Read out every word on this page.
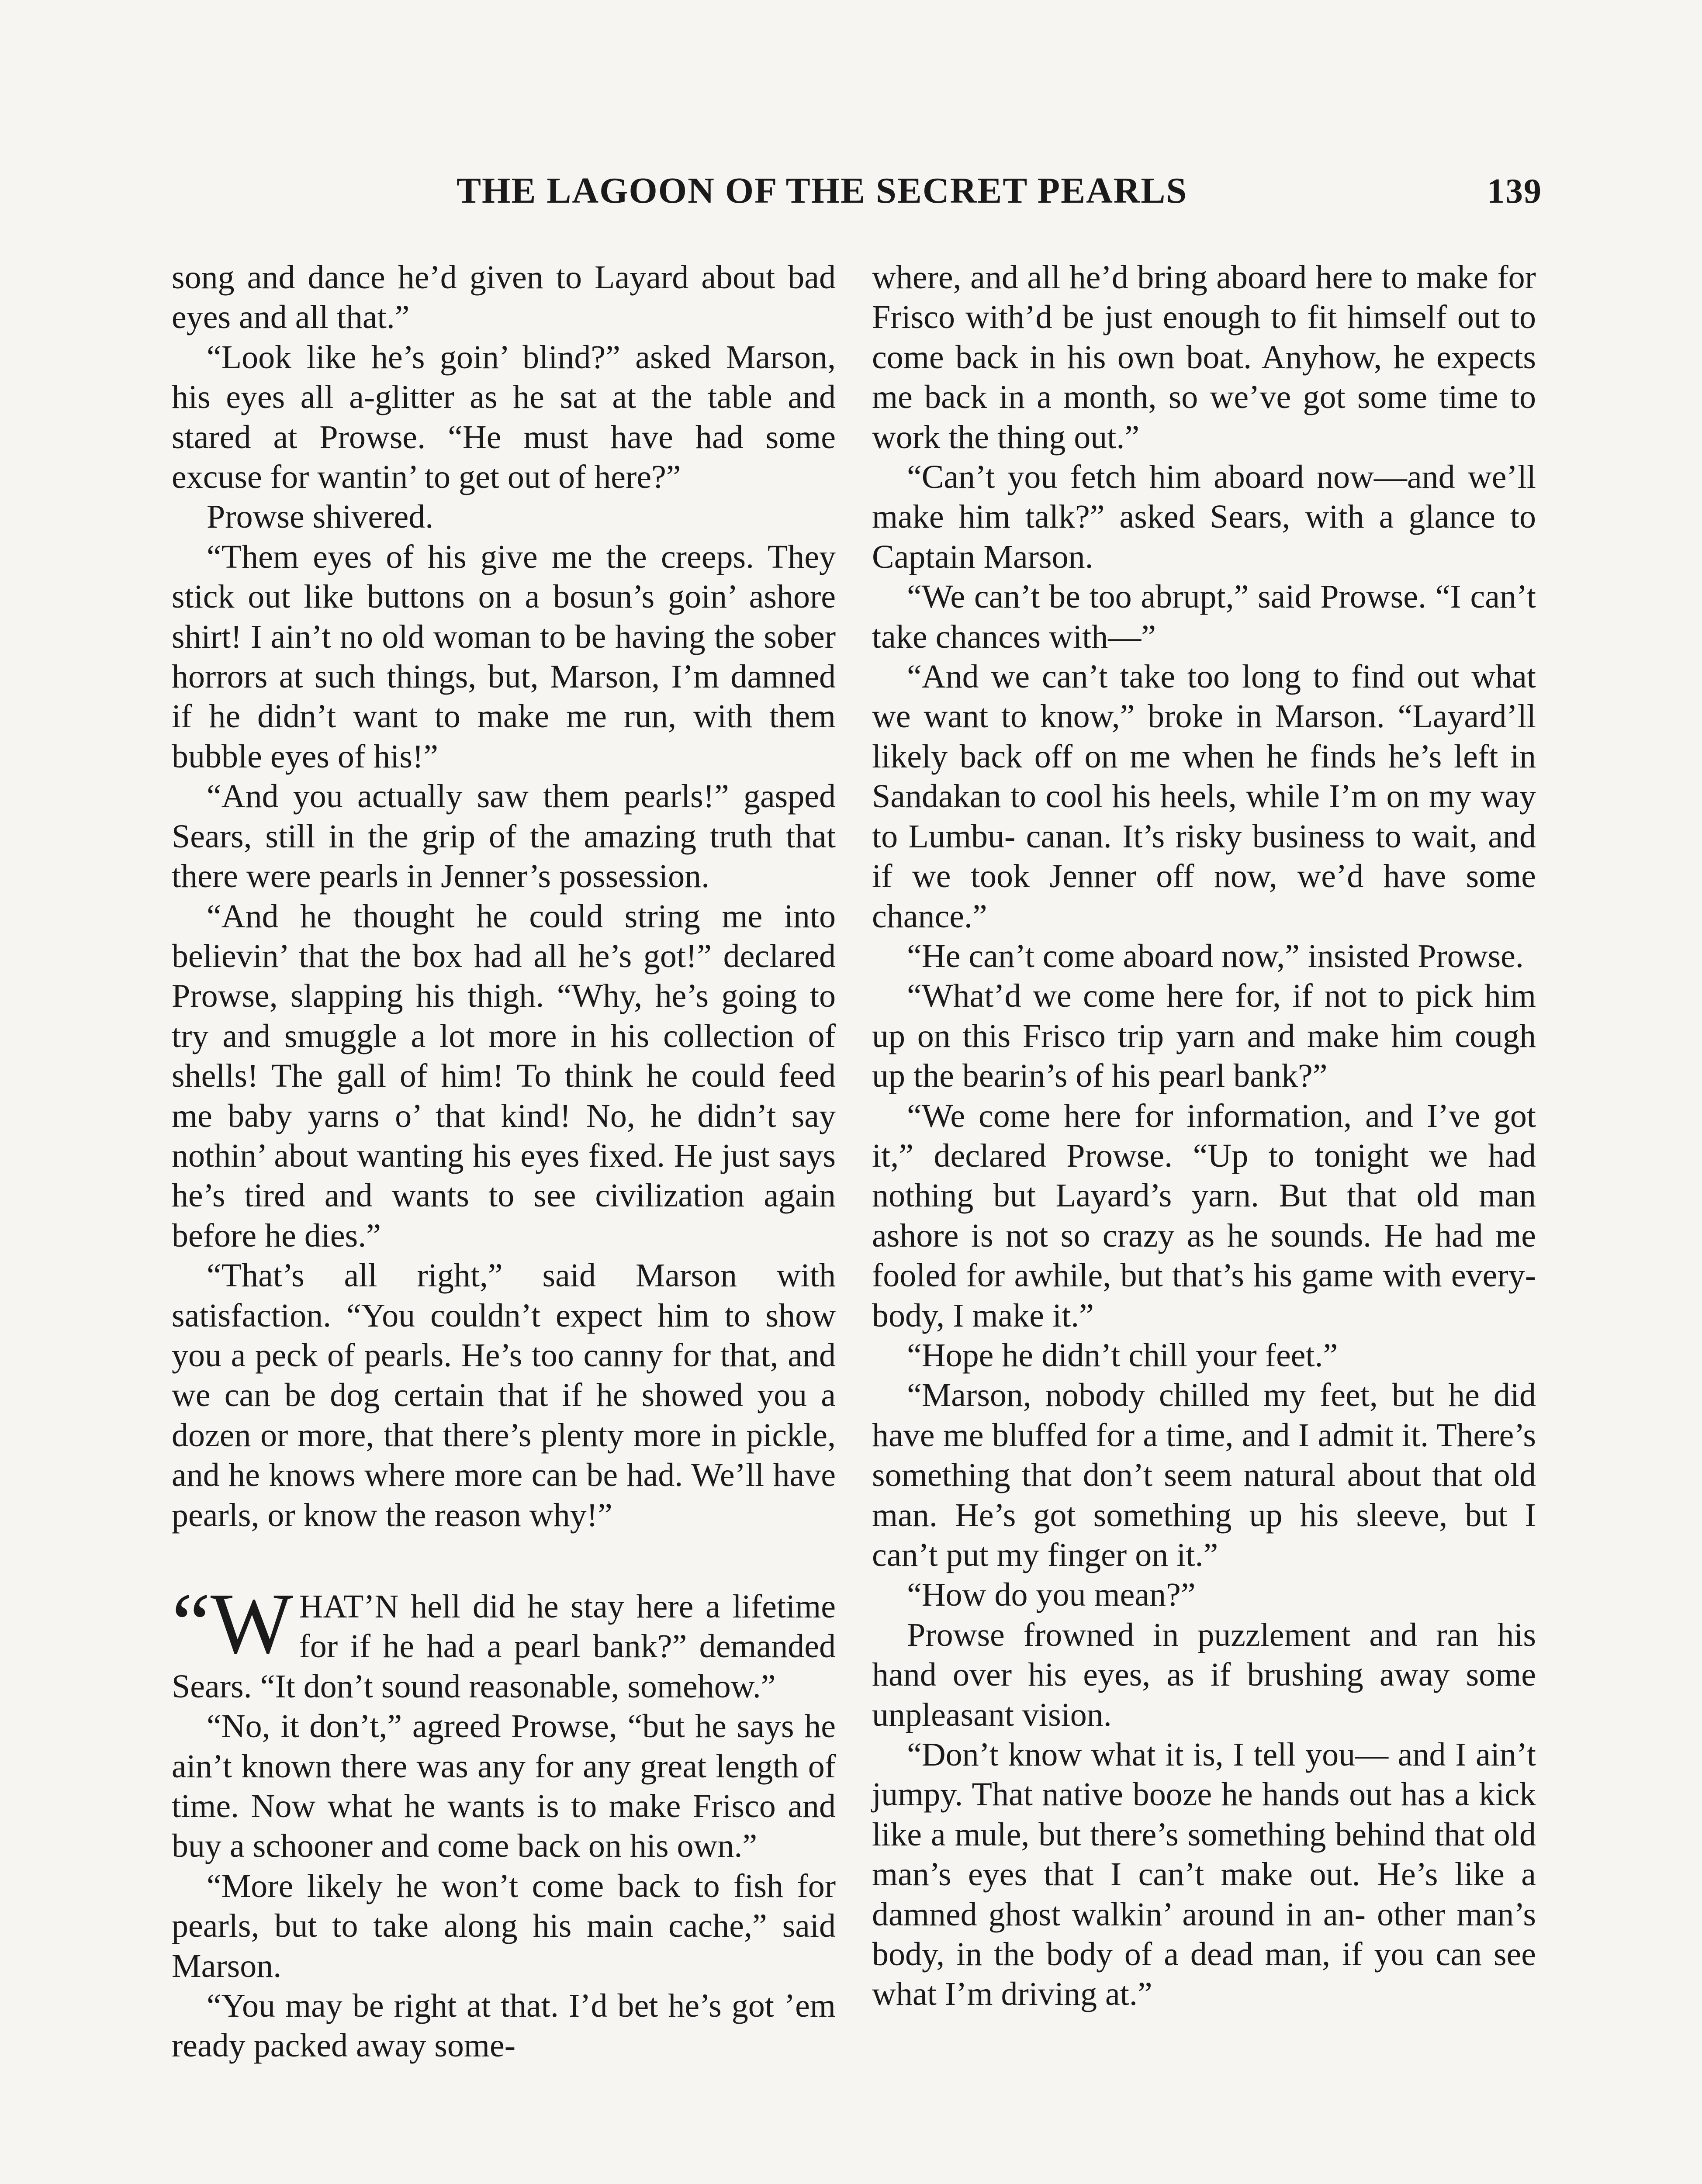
THE LAGOON OF THE SECRET PEARLS	139

song and dance he’d given to Layard about bad eyes and all that.”

“Look like he’s goin’ blind?” asked Marson, his eyes all a-glitter as he sat at the table and stared at Prowse. “He must have had some excuse for wantin’ to get out of here?”

Prowse shivered.

“Them eyes of his give me the creeps. They stick out like buttons on a bosun’s goin’ ashore shirt! I ain’t no old woman to be having the sober horrors at such things, but, Marson, I’m damned if he didn’t want to make me run, with them bubble eyes of his!”

“And you actually saw them pearls!” gasped Sears, still in the grip of the amazing truth that there were pearls in Jenner’s possession.

“And he thought he could string me into believin’ that the box had all he’s got!” declared Prowse, slapping his thigh. “Why, he’s going to try and smuggle a lot more in his collection of shells! The gall of him! To think he could feed me baby yarns o’ that kind! No, he didn’t say nothin’ about wanting his eyes fixed. He just says he’s tired and wants to see civilization again before he dies.”

“That’s all right,” said Marson with satisfaction. “You couldn’t expect him to show you a peck of pearls. He’s too canny for that, and we can be dog certain that if he showed you a dozen or more, that there’s plenty more in pickle, and he knows where more can be had. We’ll have pearls, or know the reason why!”

“W HAT’N hell did he stay here a lifetime for if he had a pearl bank?” demanded Sears. “It don’t sound reasonable, somehow.”

“No, it don’t,” agreed Prowse, “but he says he ain’t known there was any for any great length of time. Now what he wants is to make Frisco and buy a schooner and come back on his own.”

“More likely he won’t come back to fish for pearls, but to take along his main cache,” said Marson.

“You may be right at that. I’d bet he’s got ’em ready packed away some-

where, and all he’d bring aboard here to make for Frisco with’d be just enough to fit himself out to come back in his own boat. Anyhow, he expects me back in a month, so we’ve got some time to work the thing out.”

“Can’t you fetch him aboard now—and we’ll make him talk?” asked Sears, with a glance to Captain Marson.

“We can’t be too abrupt,” said Prowse. “I can’t take chances with—”

“And we can’t take too long to find out what we want to know,” broke in Marson. “Layard’ll likely back off on me when he finds he’s left in Sandakan to cool his heels, while I’m on my way to Lumbu- canan. It’s risky business to wait, and if we took Jenner off now, we’d have some chance.”

“He can’t come aboard now,” insisted Prowse.

“What’d we come here for, if not to pick him up on this Frisco trip yarn and make him cough up the bearin’s of his pearl bank?”

“We come here for information, and I’ve got it,” declared Prowse. “Up to tonight we had nothing but Layard’s yarn. But that old man ashore is not so crazy as he sounds. He had me fooled for awhile, but that’s his game with every- body, I make it.”

“Hope he didn’t chill your feet.”

“Marson, nobody chilled my feet, but he did have me bluffed for a time, and I admit it. There’s something that don’t seem natural about that old man. He’s got something up his sleeve, but I can’t put my finger on it.”

“How do you mean?”

Prowse frowned in puzzlement and ran his hand over his eyes, as if brushing away some unpleasant vision.

“Don’t know what it is, I tell you— and I ain’t jumpy. That native booze he hands out has a kick like a mule, but there’s something behind that old man’s eyes that I can’t make out. He’s like a damned ghost walkin’ around in an- other man’s body, in the body of a dead man, if you can see what I’m driving at.”
